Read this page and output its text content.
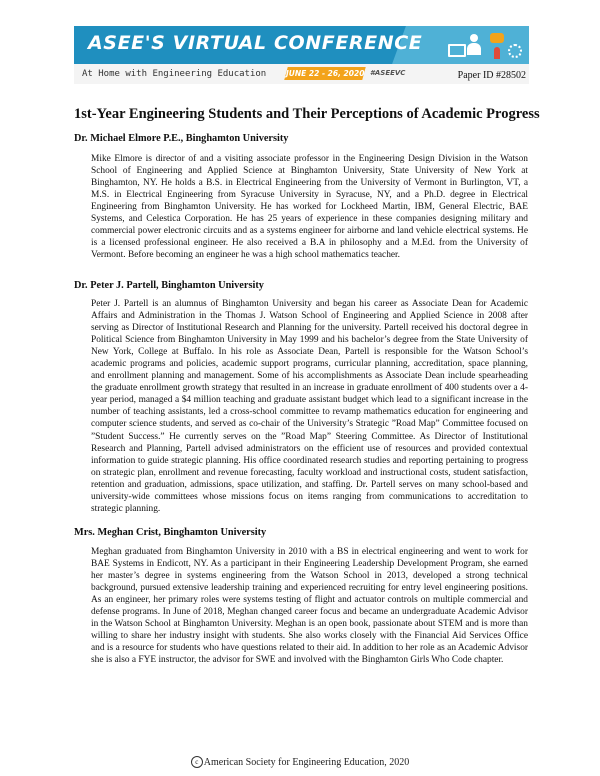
ASEE'S VIRTUAL CONFERENCE
At Home with Engineering Education	JUNE 22 - 26, 2020 #ASEEVC	Paper ID #28502
1st-Year Engineering Students and Their Perceptions of Academic Progress
Dr. Michael Elmore P.E., Binghamton University

Mike Elmore is director of and a visiting associate professor in the Engineering Design Division in the Watson School of Engineering and Applied Science at Binghamton University, State University of New York at Binghamton, NY. He holds a B.S. in Electrical Engineering from the University of Vermont in Burlington, VT, a M.S. in Electrical Engineering from Syracuse University in Syracuse, NY, and a Ph.D. degree in Electrical Engineering from Binghamton University. He has worked for Lockheed Martin, IBM, General Electric, BAE Systems, and Celestica Corporation. He has 25 years of experience in these companies designing military and commercial power electronic circuits and as a systems engineer for airborne and land vehicle electrical systems. He is a licensed professional engineer. He also received a B.A in philosophy and a M.Ed. from the University of Vermont. Before becoming an engineer he was a high school mathematics teacher.

Dr. Peter J. Partell, Binghamton University

Peter J. Partell is an alumnus of Binghamton University and began his career as Associate Dean for Academic Affairs and Administration in the Thomas J. Watson School of Engineering and Applied Science in 2008 after serving as Director of Institutional Research and Planning for the university. Partell received his doctoral degree in Political Science from Binghamton University in May 1999 and his bachelor’s degree from the State University of New York, College at Buffalo. In his role as Associate Dean, Partell is responsible for the Watson School’s academic programs and policies, academic support programs, curricular planning, accreditation, space planning, and enrollment planning and management. Some of his accomplishments as Associate Dean include spearheading the graduate enrollment growth strategy that resulted in an increase in graduate enrollment of 400 students over a 4-year period, managed a $4 million teaching and graduate assistant budget which lead to a significant increase in the number of teaching assistants, led a cross-school committee to revamp mathematics education for engineering and computer science students, and served as co-chair of the University’s Strategic ”Road Map” Committee focused on ”Student Success.” He currently serves on the ”Road Map” Steering Committee. As Director of Institutional Research and Planning, Partell advised administrators on the efficient use of resources and provided contextual information to guide strategic planning. His office coordinated research studies and reporting pertaining to progress on strategic plan, enrollment and revenue forecasting, faculty workload and instructional costs, student satisfaction, retention and graduation, admissions, space utilization, and staffing. Dr. Partell serves on many school-based and university-wide committees whose missions focus on items ranging from communications to accreditation to strategic planning.

Mrs. Meghan Crist, Binghamton University

Meghan graduated from Binghamton University in 2010 with a BS in electrical engineering and went to work for BAE Systems in Endicott, NY. As a participant in their Engineering Leadership Development Program, she earned her master’s degree in systems engineering from the Watson School in 2013, developed a strong technical background, pursued extensive leadership training and experienced recruiting for entry level engineering positions. As an engineer, her primary roles were systems testing of flight and actuator controls on multiple commercial and defense programs. In June of 2018, Meghan changed career focus and became an undergraduate Academic Advisor in the Watson School at Binghamton University. Meghan is an open book, passionate about STEM and is more than willing to share her industry insight with students. She also works closely with the Financial Aid Services Office and is a resource for students who have questions related to their aid. In addition to her role as an Academic Advisor she is also a FYE instructor, the advisor for SWE and involved with the Binghamton Girls Who Code chapter.

c American Society for Engineering Education, 2020
